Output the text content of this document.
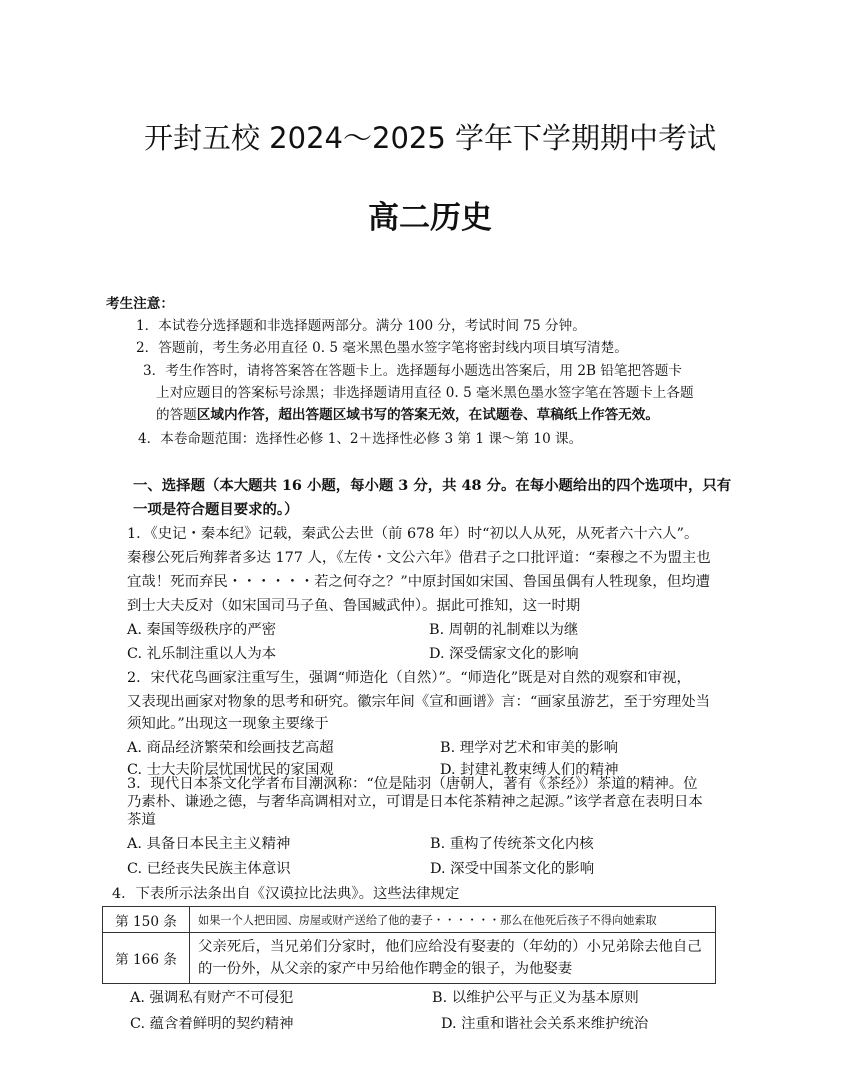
开封五校 2024～2025 学年下学期期中考试
高二历史
考生注意：
1．本试卷分选择题和非选择题两部分。满分 100 分，考试时间 75 分钟。
2．答题前，考生务必用直径 0. 5 毫米黑色墨水签字笔将密封线内项目填写清楚。
3．考生作答时，请将答案答在答题卡上。选择题每小题选出答案后，用 2B 铅笔把答题卡
上对应题目的答案标号涂黑；非选择题请用直径 0. 5 毫米黑色墨水签字笔在答题卡上各题
的答题区域内作答，超出答题区域书写的答案无效，在试题卷、草稿纸上作答无效。
4．本卷命题范围：选择性必修 1、2＋选择性必修 3 第 1 课～第 10 课。
一、选择题（本大题共 16 小题，每小题 3 分，共 48 分。在每小题给出的四个选项中，只有
一项是符合题目要求的。）
1．《史记・秦本纪》记载，秦武公去世（前 678 年）时“初以人从死，从死者六十六人”。
秦穆公死后殉葬者多达 177 人，《左传・文公六年》借君子之口批评道：“秦穆之不为盟主也
宜哉！死而弃民・・・・・・若之何夺之？”中原封国如宋国、鲁国虽偶有人牲现象，但均遭
到士大夫反对（如宋国司马子鱼、鲁国臧武仲）。据此可推知，这一时期
A. 秦国等级秩序的严密	B. 周朝的礼制难以为继
C. 礼乐制注重以人为本	D. 深受儒家文化的影响
2．宋代花鸟画家注重写生，强调“师造化（自然）”。“师造化”既是对自然的观察和审视，
又表现出画家对物象的思考和研究。徽宗年间《宣和画谱》言：“画家虽游艺，至于穷理处当
须知此。”出现这一现象主要缘于
A. 商品经济繁荣和绘画技艺高超	B. 理学对艺术和审美的影响
C. 士大夫阶层忧国忧民的家国观	D. 封建礼教束缚人们的精神
3．现代日本茶文化学者布目潮沨称：“位是陆羽（唐朝人，著有《茶经》）茶道的精神。位
乃素朴、谦逊之德，与奢华高调相对立，可谓是日本侘茶精神之起源。”该学者意在表明日本
茶道
A. 具备日本民主主义精神	B. 重构了传统茶文化内核
C. 已经丧失民族主体意识	D. 深受中国茶文化的影响
4．下表所示法条出自《汉谟拉比法典》。这些法律规定
第 150 条	如果一个人把田园、房屋或财产送给了他的妻子・・・・・・那么在他死后孩子不得向她索取
第 166 条	父亲死后，当兄弟们分家时，他们应给没有娶妻的（年幼的）小兄弟除去他自己的一份外，从父亲的家产中另给他作聘金的银子，为他娶妻
A. 强调私有财产不可侵犯	B. 以维护公平与正义为基本原则
C. 蕴含着鲜明的契约精神	D. 注重和谐社会关系来维护统治
